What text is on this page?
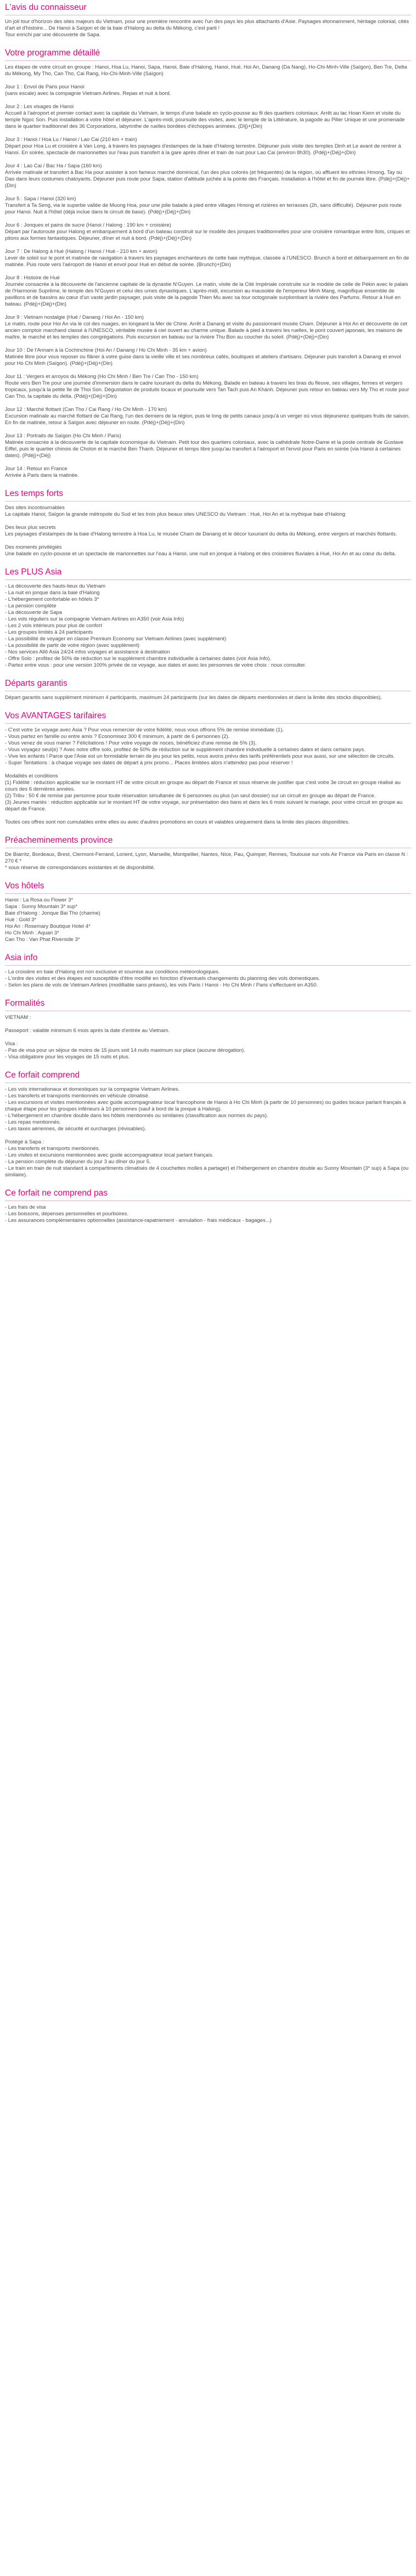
L'avis du connaisseur

Un joli tour d'horizon des sites majeurs du Vietnam, pour une première rencontre avec l'un des pays les plus attachants d'Asie. Paysages étonnamment, héritage colonial, cités d'art et d'histoire... De Hanoi à Saïgon et de la baie d'Halong au delta du Mékong, c'est parti !

Tour enrichi par une découverte de Sapa.

Votre programme détaillé

Les étapes de votre circuit en groupe : Hanoi, Hoa Lu, Hanoi, Sapa, Hanoi, Baie d'Halong, Hanoi, Hué, Hoi An, Danang (Da Nang), Ho-Chi-Minh-Ville (Saïgon), Ben Tre, Delta du Mékong, My Tho, Can Tho, Cai Rang, Ho-Chi-Minh-Ville (Saïgon)

Jour 1 : Envol de Paris pour Hanoi

(sans escale) avec la compagnie Vietnam Airlines. Repas et nuit à bord.

Jour 2 : Les visages de Hanoi

Accueil à l'aéroport et premier contact avec la capitale du Vietnam, le temps d'une balade en cyclo-pousse au fil des quartiers coloniaux. Arrêt au lac Hoan Kiem et visite du temple Ngoc Son. Puis installation à votre hôtel et déjeuner. L'après-midi, poursuite des visites, avec le temple de la Littérature, la pagode au Pilier Unique et une promenade dans le quartier traditionnel des 36 Corporations, labyrinthe de ruelles bordées d'échoppes animées. (Dîj)+(Din)

Jour 3 : Hanoi / Hoa Lu / Hanoi / Lao Cai (210 km + train)

Départ pour Hoa Lu et croisière à Van Long, à travers les paysages d'estampes de la baie d'Halong terrestre. Déjeuner puis visite des temples Dinh et Le avant de rentrer à Hanoi. En soirée, spectacle de marionnettes sur l'eau puis transfert à la gare après dîner et train de nuit pour Lao Cai (environ 8h30). (Pdéj)+(Déj)+(Din)

Jour 4 : Lao Cai / Bac Ha / Sapa (160 km)

Arrivée matinale et transfert à Bac Ha pour assister à son fameux marché dominical, l'un des plus colorés (et fréquentés) de la région, où affluent les ethnies Hmong, Tay ou Dao dans leurs costumes chatoyants. Déjeuner puis route pour Sapa, station d'altitude juchée à la pointe des Français. Installation à l'hôtel et fin de journée libre. (Pdéj)+(Déj)+(Din)

Jour 5 : Sapa / Hanoi (320 km)

Transfert à Ta Seng, via le superbe vallée de Muong Hoa, pour une jolie balade à pied entre villages Hmong et rizières en terrasses (2h, sans difficulté). Déjeuner puis route pour Hanoi. Nuit à l'hôtel (déjà inclue dans le circuit de base). (Pdéj)+(Déj)+(Din)

Jour 6 : Jonques et pains de sucre (Hanoi / Halong : 190 km + croisière)

Départ par l'autoroute pour Halong et embarquement à bord d'un bateau construit sur le modèle des jonques traditionnelles pour une croisière romantique entre îlots, criques et pitons aux formes fantastiques. Déjeuner, dîner et nuit à bord. (Pdéj)+(Déj)+(Din)

Jour 7 : De Halong à Hué (Halong / Hanoi / Hué - 210 km + avion)

Lever de soleil sur le pont et matinée de navigation à travers les paysages enchanteurs de cette baie mythique, classée à l'UNESCO. Brunch à bord et débarquement en fin de matinée. Puis route vers l'aéroport de Hanoi et envol pour Hué en début de soirée. (Brunch)+(Din)

Jour 8 : Histoire de Hué

Journée consacrée à la découverte de l'ancienne capitale de la dynastie N'Guyen. Le matin, visite de la Cité Impériale construite sur le modèle de celle de Pékin avec le palais de l'Harmonie Suprême, le temple des N'Guyen et celui des urnes dynastiques. L'après-midi, excursion au mausolée de l'empereur Minh Mang, magnifique ensemble de pavillons et de bassins au cœur d'un vaste jardin paysager, puis visite de la pagode Thien Mu avec sa tour octogonale surplombant la rivière des Parfums. Retour à Hué en bateau. (Pdéj)+(Déj)+(Din)

Jour 9 : Vietnam nostalgie (Hué / Danang / Hoi An - 150 km)

Le matin, route pour Hoi An via le col des nuages, en longeant la Mer de Chine. Arrêt à Danang et visite du passionnant musée Cham. Déjeuner à Hoi An et découverte de cet ancien comptoir marchand classé à l'UNESCO, véritable musée à ciel ouvert au charme unique. Balade à pied à travers les ruelles, le pont couvert japonais, les maisons de maître, le marché et les temples des congrégations. Puis excursion en bateau sur la rivière Thu Bon au coucher du soleil. (Pdéj)+(Déj)+(Din)

Jour 10 : De l'Annam à la Cochinchine (Hoi An / Danang / Ho Chi Minh - 35 km + avion)

Matinée libre pour vous reposer ou flâner à votre guise dans la vieille ville et ses nombreux cafés, boutiques et ateliers d'artisans. Déjeuner puis transfert à Danang et envol pour Ho Chi Minh (Saïgon). (Pdéj)+(Déj)+(Din)

Jour 11 : Vergers et arroyos du Mékong (Ho Chi Minh / Ben Tre / Can Tho - 150 km)

Route vers Ben Tre pour une journée d'immersion dans le cadre luxuriant du delta du Mékong. Balade en bateau à travers les bras du fleuve, ses villages, fermes et vergers tropicaux, jusqu'à la petite île de Thoi Son. Dégustation de produits locaux et poursuite vers Tan Tach puis An Khánh. Déjeuner puis retour en bateau vers My Tho et route pour Can Tho, la capitale du delta. (Pdéj)+(Déj)+(Din)

Jour 12 : Marché flottant (Can Tho / Cai Rang / Ho Chi Minh - 170 km)

Excursion matinale au marché flottant de Cai Rang, l'un des derniers de la région, puis le long de petits canaux jusqu'à un verger où vous déjeunerez quelques fruits de saison. En fin de matinée, retour à Saïgon avec déjeuner en route. (Pdéj)+(Déj)+(Din)

Jour 13 : Portraits de Saïgon (Ho Chi Minh / Paris)

Matinée consacrée à la découverte de la capitale économique du Vietnam. Petit tour des quartiers coloniaux, avec la cathédrale Notre-Dame et la poste centrale de Gustave Eiffel, puis le quartier chinois de Cholon et le marché Ben Thanh. Déjeuner et temps libre jusqu'au transfert à l'aéroport et l'envol pour Paris en soirée (via Hanoi à certaines dates). (Pdéj)+(Déj)

Jour 14 : Retour en France

Arrivée à Paris dans la matinée.

Les temps forts

Des sites incontournables

La capitale Hanoi, Saïgon la grande métropole du Sud et les trois plus beaux sites UNESCO du Vietnam : Hué, Hoi An et la mythique baie d'Halong

Des lieux plus secrets

Les paysages d'estampes de la baie d'Halong terrestre à Hoa Lu, le musée Cham de Danang et le décor luxuriant du delta du Mékong, entre vergers et marchés flottants.

Des moments privilégiés

Une balade en cyclo-pousse et un spectacle de marionnettes sur l'eau à Hanoi, une nuit en jonque à Halong et des croisières fluviales à Hué, Hoi An et au cœur du delta.

Les PLUS Asia

- La découverte des hauts-lieux du Vietnam

- La nuit en jonque dans la baie d'Halong

- L'hébergement confortable en hôtels 3*

- La pension complète

- La découverte de Sapa

- Les vols réguliers sur la compagnie Vietnam Airlines en A350 (voir Asia Info)

- Les 2 vols intérieurs pour plus de confort

- Les groupes limités à 24 participants

- La possibilité de voyager en classe Premium Economy sur Vietnam Airlines (avec supplément)

- La possibilité de partir de votre région (avec supplément)

- Nos services Allô Asia 24/24 infos voyages et assistance à destination

- Offre Solo : profitez de 50% de réduction sur le supplément chambre individuelle à certaines dates (voir Asia Info).

- Partez entre vous : pour une version 100% privée de ce voyage, aux dates et avec les personnes de votre choix : nous consulter.

Départs garantis

Départ garantis sans supplément minimum 4 participants, maximum 24 participants (sur les dates de départs mentionnées et dans la limite des stocks disponibles).

Vos AVANTAGES tarifaires

- C'est votre 1e voyage avec Asia ? Pour vous remercier de votre fidélité, nous vous offrons 5% de remise immédiate (1).

- Vous partez en famille ou entre amis ? Economisez 300 € minimum, à partir de 6 personnes (2).

- Vous venez de vous marier ? Félicitations ! Pour votre voyage de noces, bénéficiez d'une remise de 5% (3).

- Vous voyagez seul(e) ? Avec notre offre solo, profitez de 50% de réduction sur le supplément chambre individuelle à certaines dates et dans certains pays.

- Vive les enfants ! Parce que l'Asie est un formidable terrain de jeu pour les petits, nous avons prévu des tarifs préférentiels pour eux aussi, sur une sélection de circuits.

- Super Tentations : à chaque voyage ses dates de départ à prix promo... Places limitées alors n'attendez pas pour réserver !

Modalités et conditions

(1) Fidélité : réduction applicable sur le montant HT de votre circuit en groupe au départ de France et sous réserve de justifier que c'est votre 3e circuit en groupe réalisé au cours des 6 dernières années.

(2) Tribu : 50 € de remise par personne pour toute réservation simultanée de 6 personnes ou plus (un seul dossier) sur un circuit en groupe au départ de France.

(3) Jeunes mariés : réduction applicable sur le montant HT de votre voyage, sur présentation des bans et dans les 6 mois suivant le mariage, pour votre circuit en groupe au départ de France.

Toutes ces offres sont non cumulables entre elles ou avec d'autres promotions en cours et valables uniquement dans la limite des places disponibles.

Préacheminements province

De Biarritz, Bordeaux, Brest, Clermont-Ferrand, Lorient, Lyon, Marseille, Montpellier, Nantes, Nice, Pau, Quimper, Rennes, Toulouse sur vols Air France via Paris en classe N : 270 € *

* sous réserve de correspondances existantes et de disponibilité.

Vos hôtels

Hanoi : La Rosa ou Flower 3*

Sapa : Sunny Mountain 3* sup*

Baie d'Halong : Jonque Bai Tho (charme)

Hué : Gold 3*

Hoi An : Rosemary Boutique Hotel 4*

Ho Chi Minh : Aquari 3*

Can Tho : Van Phat Riverside 3*

Asia info

- La croisière en baie d'Halong est non exclusive et soumise aux conditions météorologiques.

- L'ordre des visites et des étapes est susceptible d'être modifié en fonction d'éventuels changements du planning des vols domestiques.

- Selon les plans de vols de Vietnam Airlines (modifiable sans préavis), les vols Paris / Hanoi - Ho Chi Minh / Paris s'effectuent en A350.

Formalités

VIETNAM :

Passeport : valable minimum 6 mois après la date d'entrée au Vietnam.

Visa :

- Pas de visa pour un séjour de moins de 15 jours soit 14 nuits maximum sur place (aucune dérogation).

- Visa obligatoire pour les voyages de 15 nuits et plus.

Ce forfait comprend

- Les vols internationaux et domestiques sur la compagnie Vietnam Airlines.

- Les transferts et transports mentionnés en véhicule climatisé.

- Les excursions et visites mentionnées avec guide accompagnateur local francophone de Hanoi à Ho Chi Minh (à partir de 10 personnes) ou guides locaux parlant français à chaque étape pour les groupes inférieurs à 10 personnes (sauf à bord de la jonque à Halong).

- L'hébergement en chambre double dans les hôtels mentionnés ou similaires (classification aux normes du pays).

- Les repas mentionnés.

- Les taxes aériennes, de sécurité et surcharges (révisables).

Protégé à Sapa :

- Les transferts et transports mentionnés.

- Les visites et excursions mentionnées avec guide accompagnateur local parlant français.

- La pension complète du déjeuner du jour 3 au dîner du jour 5.

- Le train en train de nuit standard à compartiments climatisés de 4 couchettes molles à partager) et l'hébergement en chambre double au Sunny Mountain (3* sup) à Sapa (ou similaire).

Ce forfait ne comprend pas

- Les frais de visa

- Les boissons, dépenses personnelles et pourboires.

- Les assurances complémentaires optionnelles (assistance-rapatriement - annulation - frais médicaux - bagages...)
